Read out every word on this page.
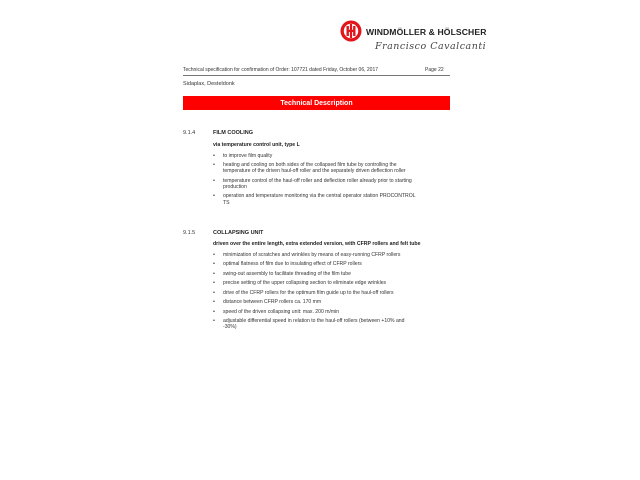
WINDMÖLLER & HÖLSCHER
Francisco Cavalcanti
Technical specification for confirmation of Order: 107721 dated Friday, October 06, 2017	Page 22
Sidaplax, Desteldonk
Technical Description
9.1.4	FILM COOLING
via temperature control unit, type L
• to improve film quality
• heating and cooling on both sides of the collapsed film tube by controlling the temperature of the driven haul-off roller and the separately driven deflection roller
• temperature control of the haul-off roller and deflection roller already prior to starting production
• operation and temperature monitoring via the central operator station PROCONTROL TS
9.1.5	COLLAPSING UNIT
driven over the entire length, extra extended version, with CFRP rollers and felt tube
• minimization of scratches and wrinkles by means of easy-running CFRP rollers
• optimal flatness of film due to insulating effect of CFRP rollers
• swing-out assembly to facilitate threading of the film tube
• precise setting of the upper collapsing section to eliminate edge wrinkles
• drive of the CFRP rollers for the optimum film guide up to the haul-off rollers
• distance between CFRP rollers ca. 170 mm
• speed of the driven collapsing unit: max. 200 m/min
• adjustable differential speed in relation to the haul-off rollers (between +10% and -30%)
